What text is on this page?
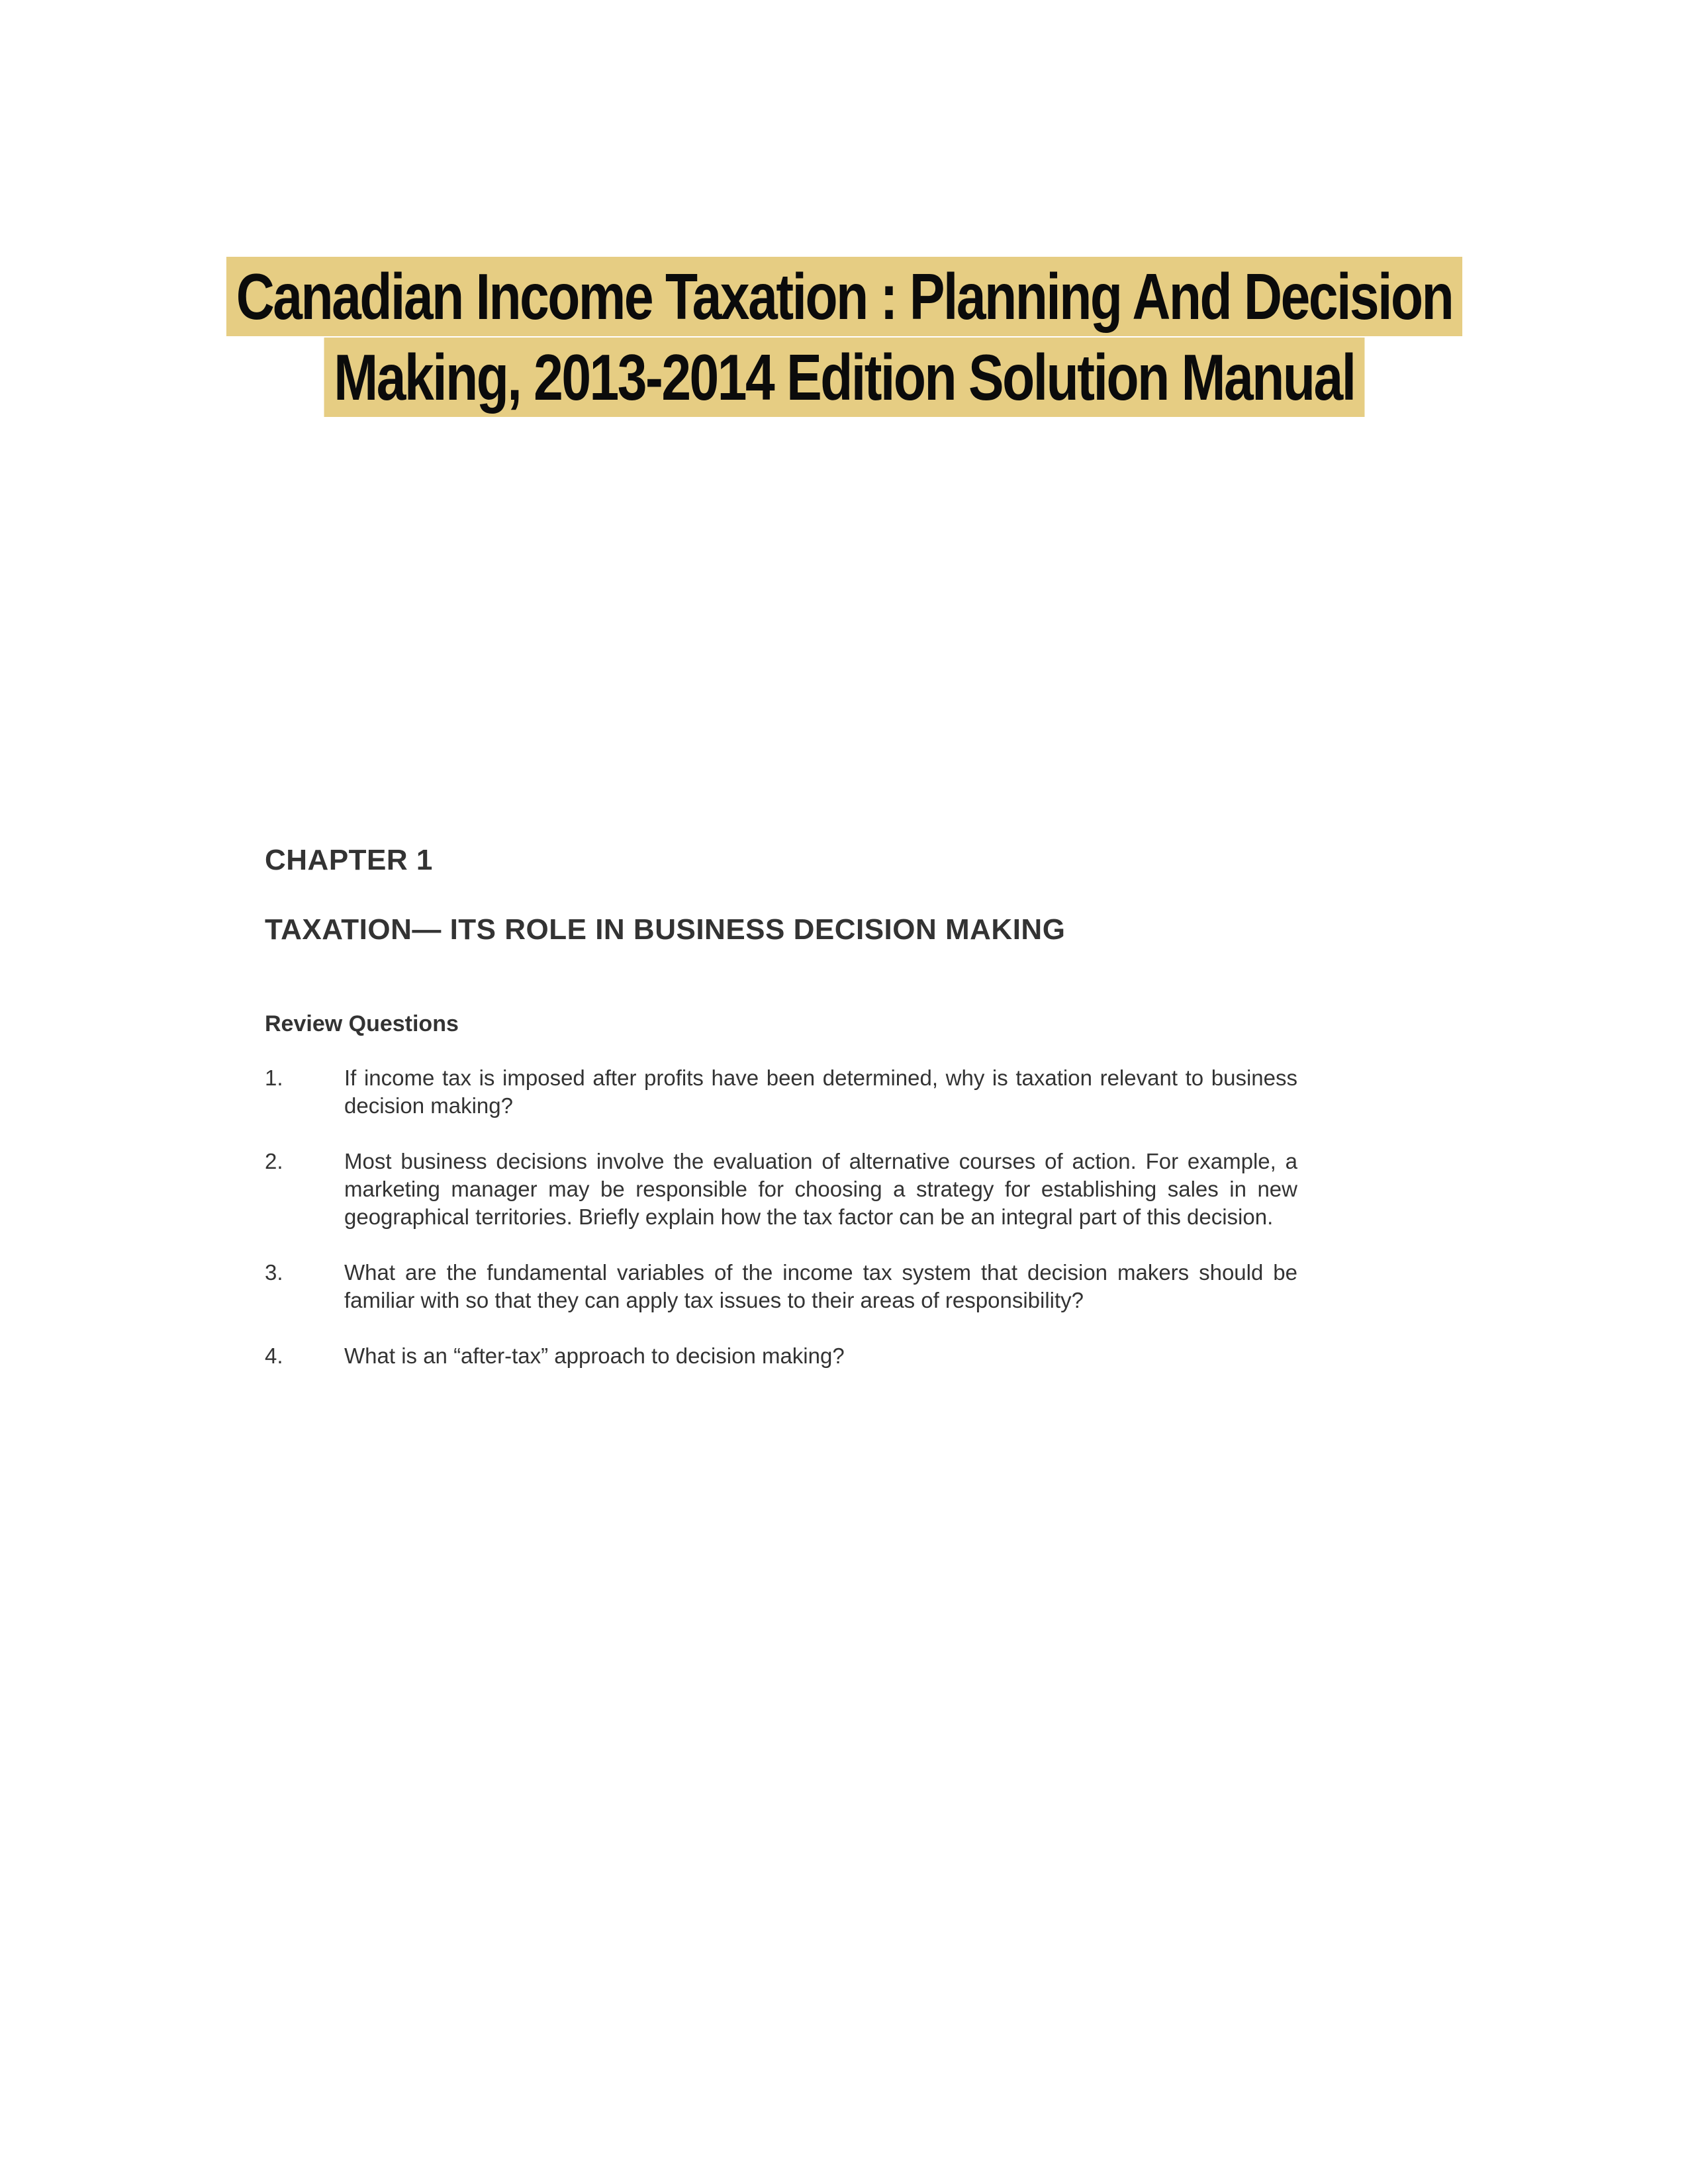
Canadian Income Taxation : Planning And Decision
Making, 2013-2014 Edition Solution Manual
CHAPTER 1
TAXATION— ITS ROLE IN BUSINESS DECISION MAKING
Review Questions
1.	If income tax is imposed after profits have been determined, why is taxation relevant to business decision making?
2.	Most business decisions involve the evaluation of alternative courses of action. For example, a marketing manager may be responsible for choosing a strategy for establishing sales in new geographical territories. Briefly explain how the tax factor can be an integral part of this decision.
3.	What are the fundamental variables of the income tax system that decision makers should be familiar with so that they can apply tax issues to their areas of responsibility?
4.	What is an “after-tax” approach to decision making?
